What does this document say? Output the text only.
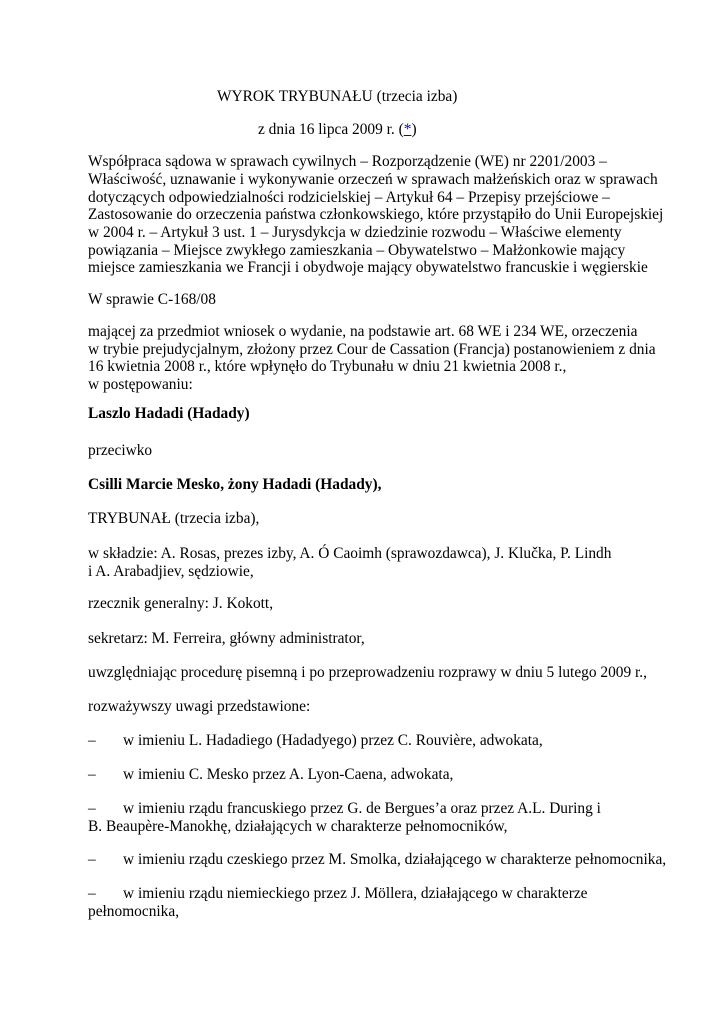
WYROK TRYBUNAŁU (trzecia izba)
z dnia 16 lipca 2009 r. (*)
Współpraca sądowa w sprawach cywilnych – Rozporządzenie (WE) nr 2201/2003 –
Właściwość, uznawanie i wykonywanie orzeczeń w sprawach małżeńskich oraz w sprawach
dotyczących odpowiedzialności rodzicielskiej – Artykuł 64 – Przepisy przejściowe –
Zastosowanie do orzeczenia państwa członkowskiego, które przystąpiło do Unii Europejskiej
w 2004 r. – Artykuł 3 ust. 1 – Jurysdykcja w dziedzinie rozwodu – Właściwe elementy
powiązania – Miejsce zwykłego zamieszkania – Obywatelstwo – Małżonkowie mający
miejsce zamieszkania we Francji i obydwoje mający obywatelstwo francuskie i węgierskie
W sprawie C-168/08
mającej za przedmiot wniosek o wydanie, na podstawie art. 68 WE i 234 WE, orzeczenia
w trybie prejudycjalnym, złożony przez Cour de Cassation (Francja) postanowieniem z dnia
16 kwietnia 2008 r., które wpłynęło do Trybunału w dniu 21 kwietnia 2008 r.,
w postępowaniu:
Laszlo Hadadi (Hadady)
przeciwko
Csilli Marcie Mesko, żony Hadadi (Hadady),
TRYBUNAŁ (trzecia izba),
w składzie: A. Rosas, prezes izby, A. Ó Caoimh (sprawozdawca), J. Klučka, P. Lindh
i A. Arabadjiev, sędziowie,
rzecznik generalny: J. Kokott,
sekretarz: M. Ferreira, główny administrator,
uwzględniając procedurę pisemną i po przeprowadzeniu rozprawy w dniu 5 lutego 2009 r.,
rozważywszy uwagi przedstawione:
– w imieniu L. Hadadiego (Hadadyego) przez C. Rouvière, adwokata,
– w imieniu C. Mesko przez A. Lyon-Caena, adwokata,
– w imieniu rządu francuskiego przez G. de Bergues’a oraz przez A.L. During i
B. Beaupère-Manokhę, działających w charakterze pełnomocników,
– w imieniu rządu czeskiego przez M. Smolka, działającego w charakterze pełnomocnika,
– w imieniu rządu niemieckiego przez J. Möllera, działającego w charakterze
pełnomocnika,
